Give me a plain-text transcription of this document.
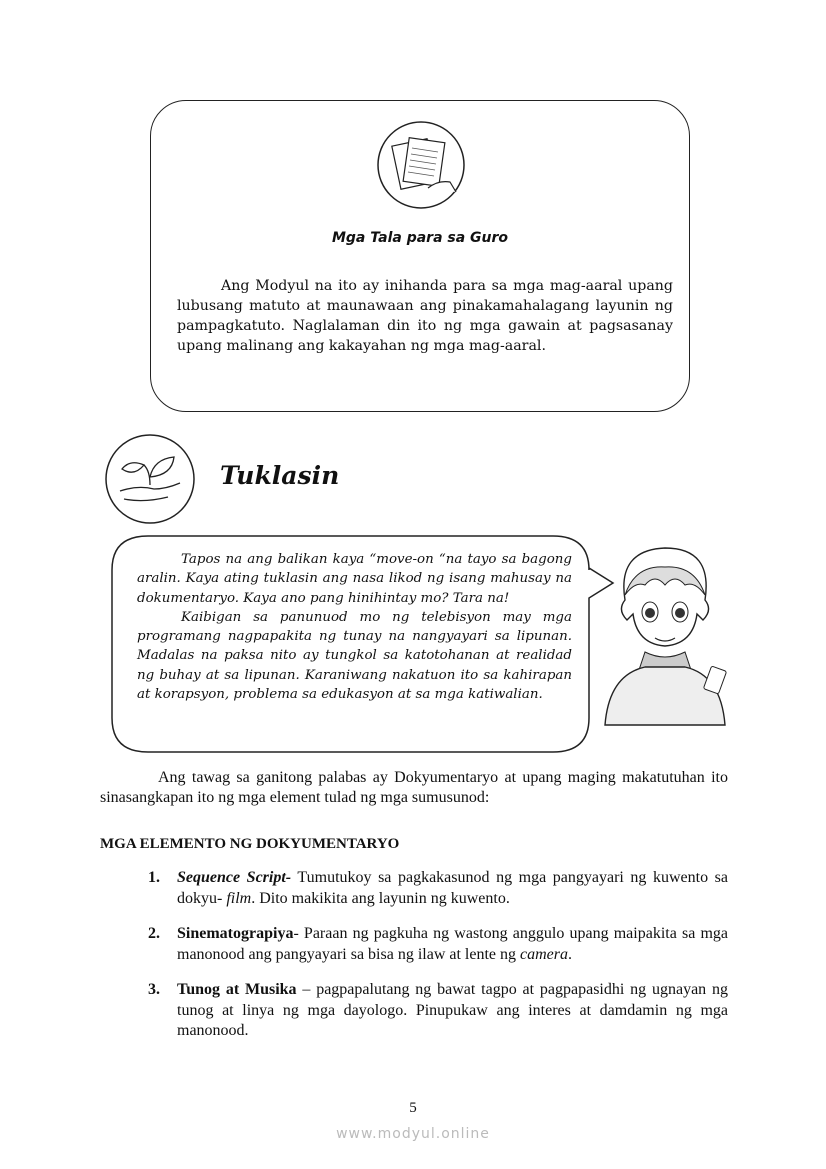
Mga Tala para sa Guro
Ang Modyul na ito ay inihanda para sa mga mag-aaral upang lubusang matuto at maunawaan ang pinakamahalagang layunin ng pampagkatuto. Naglalaman din ito ng mga gawain at pagsasanay upang malinang ang kakayahan ng mga mag-aaral.
Tuklasin
Tapos na ang balikan kaya “move-on “na tayo sa bagong aralin. Kaya ating tuklasin ang nasa likod ng isang mahusay na dokumentaryo. Kaya ano pang hinihintay mo? Tara na!
Kaibigan sa panunuod mo ng telebisyon may mga programang nagpapakita ng tunay na nangyayari sa lipunan. Madalas na paksa nito ay tungkol sa katotohanan at realidad ng buhay at sa lipunan. Karaniwang nakatuon ito sa kahirapan at korapsyon, problema sa edukasyon at sa mga katiwalian.
Ang tawag sa ganitong palabas ay Dokyumentaryo at upang maging makatutuhan ito sinasangkapan ito ng mga element tulad ng mga sumusunod:
MGA ELEMENTO NG DOKYUMENTARYO
1.	Sequence Script- Tumutukoy sa pagkakasunod ng mga pangyayari ng kuwento sa dokyu- film. Dito makikita ang layunin ng kuwento.
2.	Sinematograpiya- Paraan ng pagkuha ng wastong anggulo upang maipakita sa mga manonood ang pangyayari sa bisa ng ilaw at lente ng camera.
3.	Tunog at Musika – pagpapalutang ng bawat tagpo at pagpapasidhi ng ugnayan ng tunog at linya ng mga dayologo. Pinupukaw ang interes at damdamin ng mga manonood.
5
www.modyul.online
